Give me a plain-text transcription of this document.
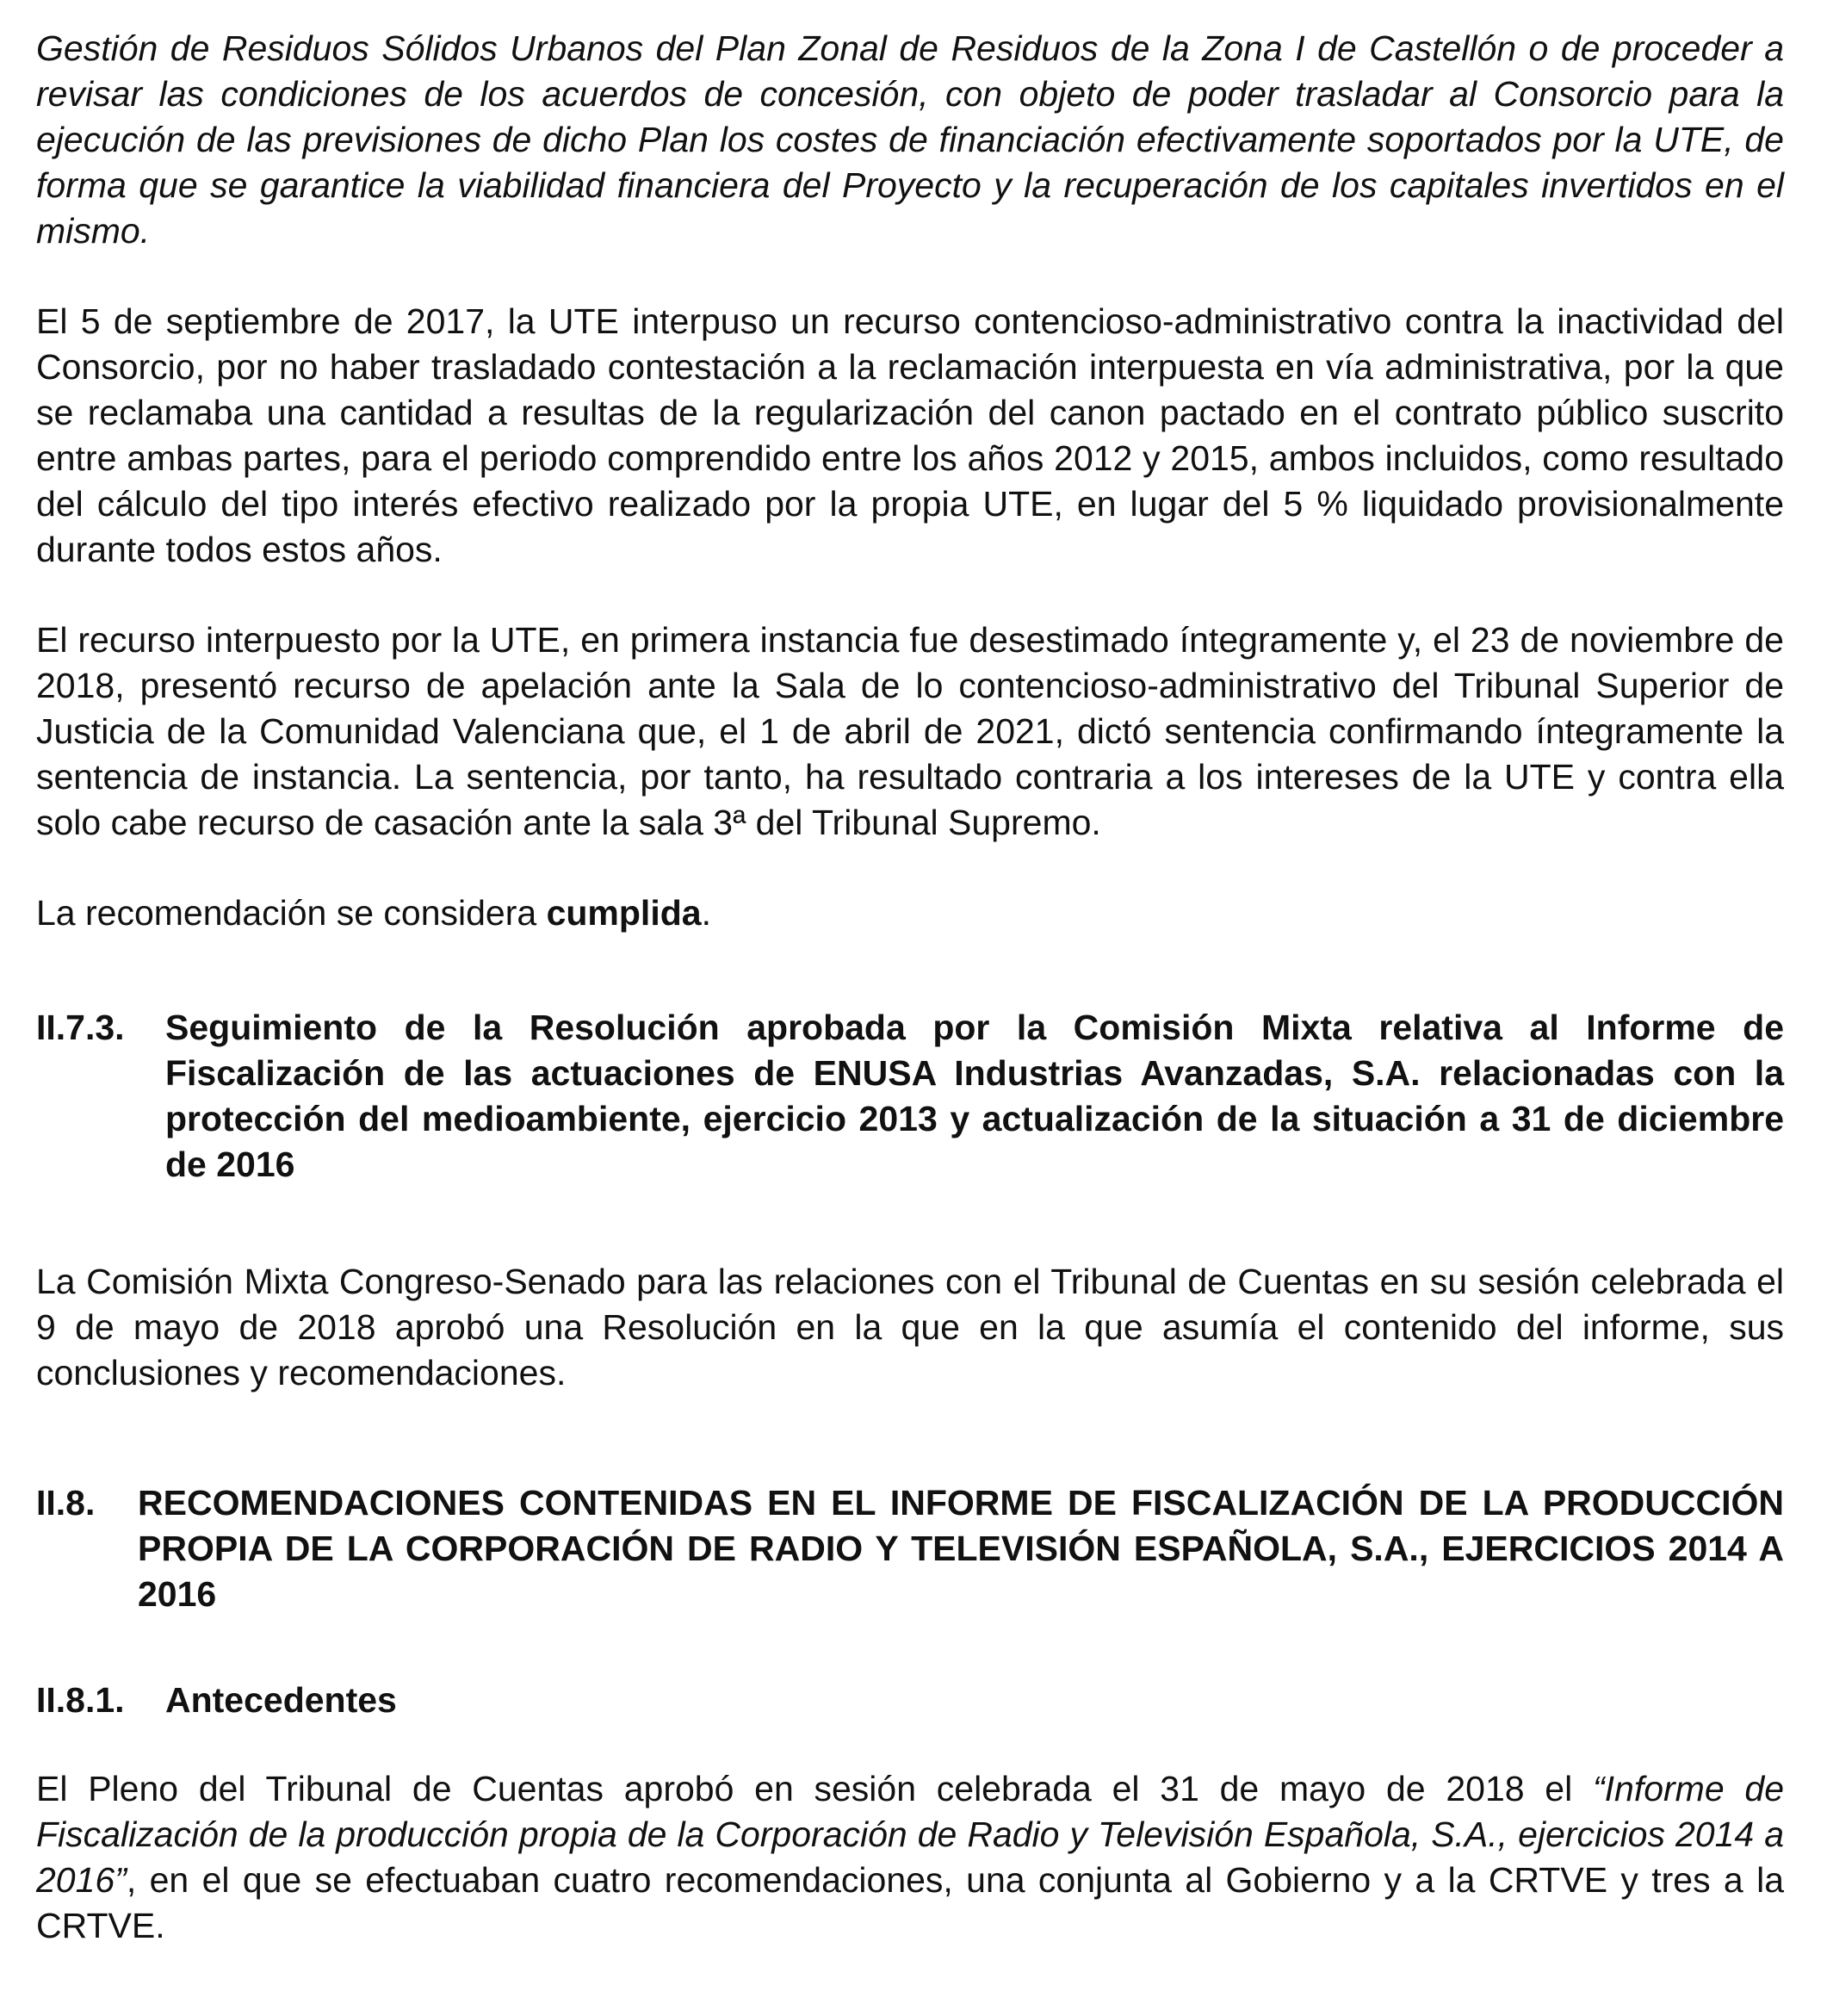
Gestión de Residuos Sólidos Urbanos del Plan Zonal de Residuos de la Zona I de Castellón o de proceder a revisar las condiciones de los acuerdos de concesión, con objeto de poder trasladar al Consorcio para la ejecución de las previsiones de dicho Plan los costes de financiación efectivamente soportados por la UTE, de forma que se garantice la viabilidad financiera del Proyecto y la recuperación de los capitales invertidos en el mismo.

El 5 de septiembre de 2017, la UTE interpuso un recurso contencioso-administrativo contra la inactividad del Consorcio, por no haber trasladado contestación a la reclamación interpuesta en vía administrativa, por la que se reclamaba una cantidad a resultas de la regularización del canon pactado en el contrato público suscrito entre ambas partes, para el periodo comprendido entre los años 2012 y 2015, ambos incluidos, como resultado del cálculo del tipo interés efectivo realizado por la propia UTE, en lugar del 5 % liquidado provisionalmente durante todos estos años.

El recurso interpuesto por la UTE, en primera instancia fue desestimado íntegramente y, el 23 de noviembre de 2018, presentó recurso de apelación ante la Sala de lo contencioso-administrativo del Tribunal Superior de Justicia de la Comunidad Valenciana que, el 1 de abril de 2021, dictó sentencia confirmando íntegramente la sentencia de instancia. La sentencia, por tanto, ha resultado contraria a los intereses de la UTE y contra ella solo cabe recurso de casación ante la sala 3ª del Tribunal Supremo.

La recomendación se considera cumplida.

II.7.3.	Seguimiento de la Resolución aprobada por la Comisión Mixta relativa al Informe de Fiscalización de las actuaciones de ENUSA Industrias Avanzadas, S.A. relacionadas con la protección del medioambiente, ejercicio 2013 y actualización de la situación a 31 de diciembre de 2016

La Comisión Mixta Congreso-Senado para las relaciones con el Tribunal de Cuentas en su sesión celebrada el 9 de mayo de 2018 aprobó una Resolución en la que en la que asumía el contenido del informe, sus conclusiones y recomendaciones.

II.8.	RECOMENDACIONES CONTENIDAS EN EL INFORME DE FISCALIZACIÓN DE LA PRODUCCIÓN PROPIA DE LA CORPORACIÓN DE RADIO Y TELEVISIÓN ESPAÑOLA, S.A., EJERCICIOS 2014 A 2016
II.8.1.	Antecedentes

El Pleno del Tribunal de Cuentas aprobó en sesión celebrada el 31 de mayo de 2018 el “Informe de Fiscalización de la producción propia de la Corporación de Radio y Televisión Española, S.A., ejercicios 2014 a 2016”, en el que se efectuaban cuatro recomendaciones, una conjunta al Gobierno y a la CRTVE y tres a la CRTVE.
